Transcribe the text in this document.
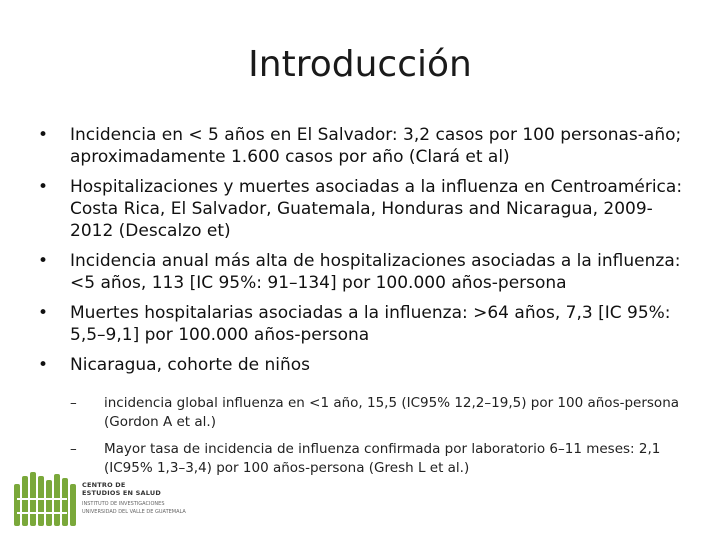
Introducción
• Incidencia en < 5 años en El Salvador: 3,2 casos por 100 personas-año; aproximadamente 1.600 casos por año (Clará et al)
• Hospitalizaciones y muertes asociadas a la influenza en Centroamérica: Costa Rica, El Salvador, Guatemala, Honduras and Nicaragua, 2009-2012 (Descalzo et)
• Incidencia anual más alta de hospitalizaciones asociadas a la influenza: <5 años, 113 [IC 95%: 91–134] por 100.000 años-persona
• Muertes hospitalarias asociadas a la influenza: >64 años, 7,3 [IC 95%: 5,5–9,1] por 100.000 años-persona
• Nicaragua, cohorte de niños
– incidencia global influenza en <1 año, 15,5 (IC95% 12,2–19,5) por 100 años-persona (Gordon A et al.)
– Mayor tasa de incidencia de influenza confirmada por laboratorio 6–11 meses: 2,1 (IC95% 1,3–3,4) por 100 años-persona (Gresh L et al.)
CENTRO DE
ESTUDIOS EN SALUD
INSTITUTO DE INVESTIGACIONES
UNIVERSIDAD DEL VALLE DE GUATEMALA
